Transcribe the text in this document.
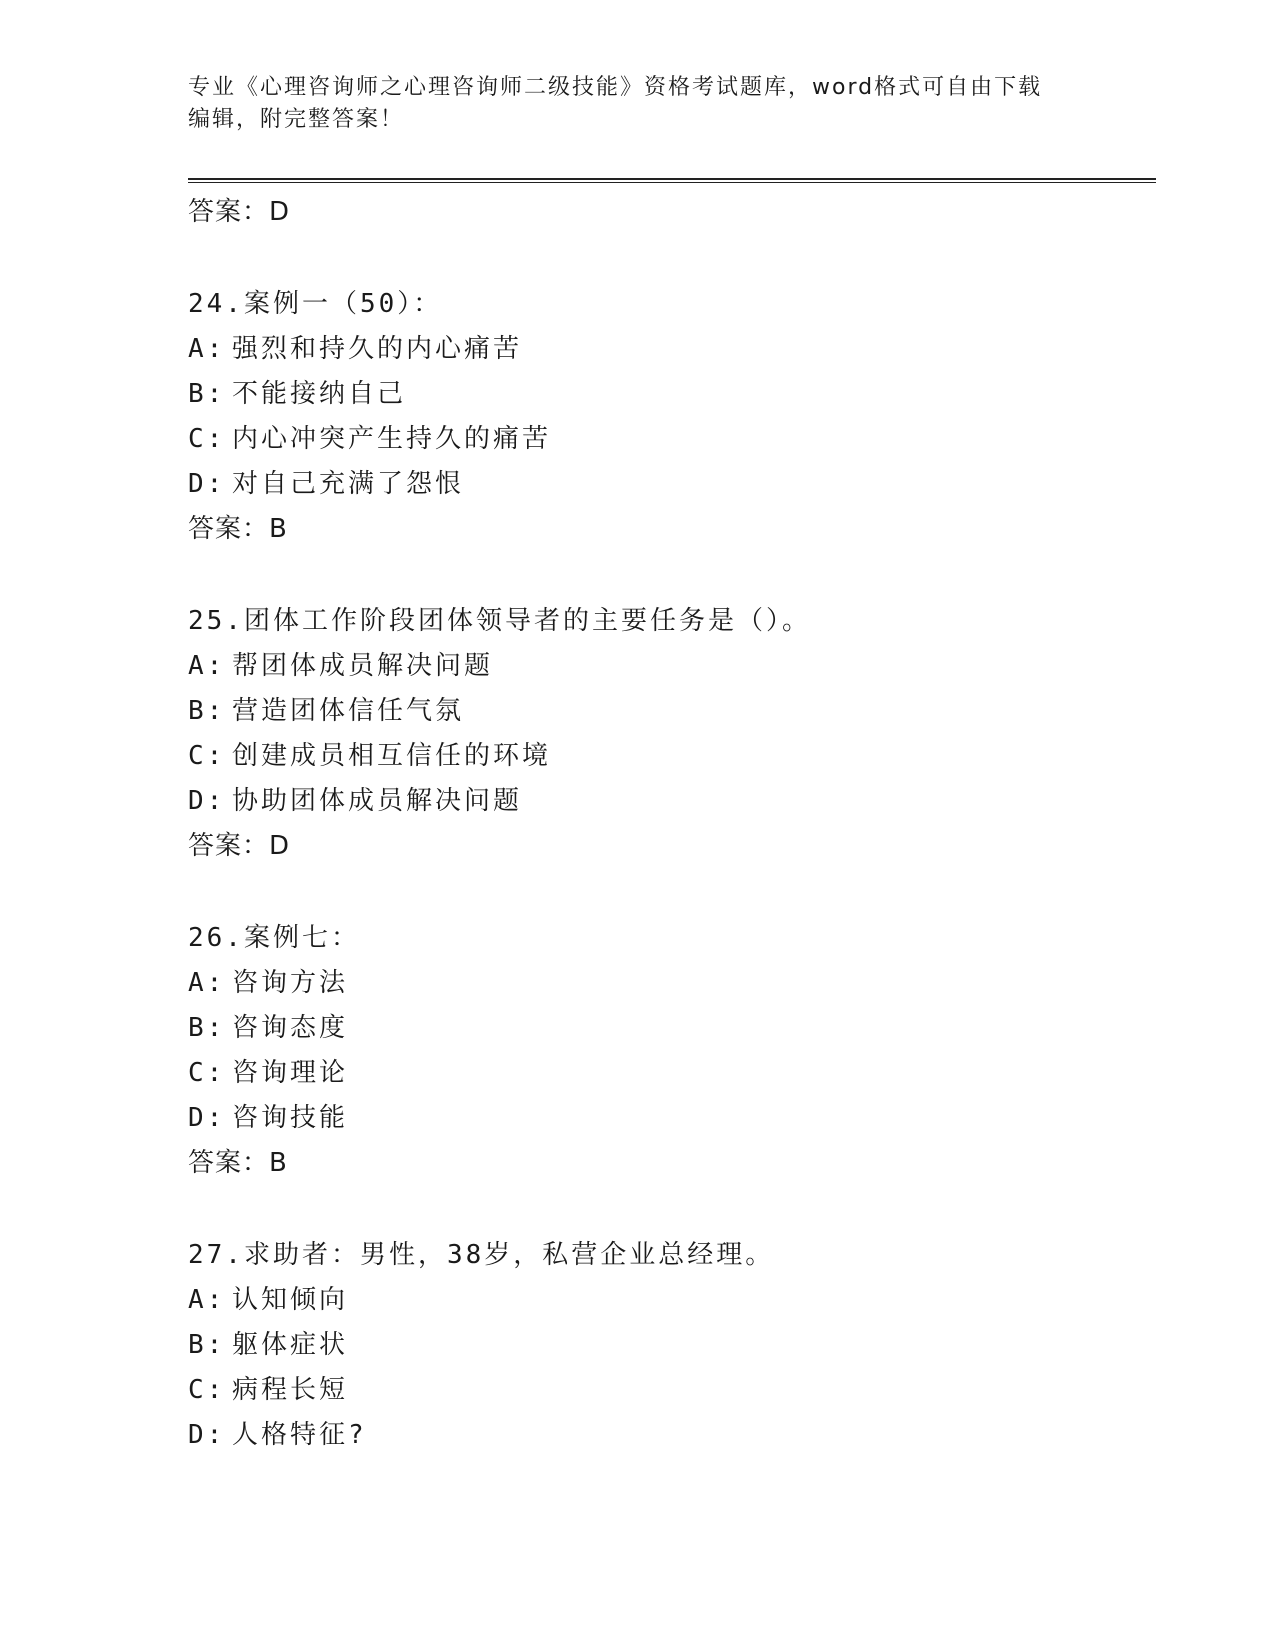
专业《心理咨询师之心理咨询师二级技能》资格考试题库，word格式可自由下载
编辑，附完整答案！
答案：D
24.案例一（50）：
A: 强烈和持久的内心痛苦
B: 不能接纳自己
C: 内心冲突产生持久的痛苦
D: 对自己充满了怨恨
答案：B
25.团体工作阶段团体领导者的主要任务是（）。
A: 帮团体成员解决问题
B: 营造团体信任气氛
C: 创建成员相互信任的环境
D: 协助团体成员解决问题
答案：D
26.案例七：
A: 咨询方法
B: 咨询态度
C: 咨询理论
D: 咨询技能
答案：B
27.求助者：男性，38岁，私营企业总经理。
A: 认知倾向
B: 躯体症状
C: 病程长短
D: 人格特征?
